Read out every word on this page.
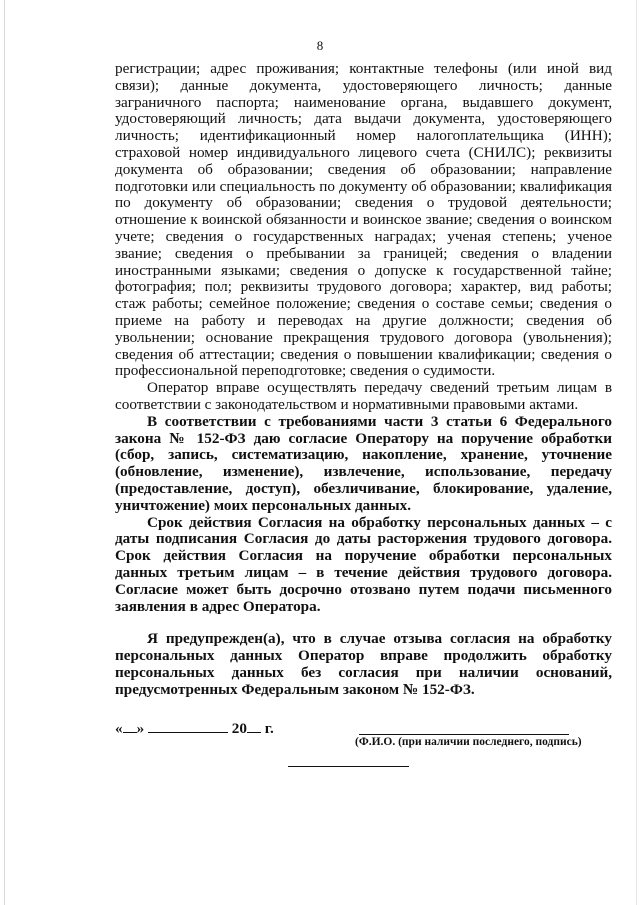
8

регистрации; адрес проживания; контактные телефоны (или иной вид связи); данные документа, удостоверяющего личность; данные заграничного паспорта; наименование органа, выдавшего документ, удостоверяющий личность; дата выдачи документа, удостоверяющего личность; идентификационный номер налогоплательщика (ИНН); страховой номер индивидуального лицевого счета (СНИЛС); реквизиты документа об образовании; сведения об образовании; направление подготовки или специальность по документу об образовании; квалификация по документу об образовании; сведения о трудовой деятельности; отношение к воинской обязанности и воинское звание; сведения о воинском учете; сведения о государственных наградах; ученая степень; ученое звание; сведения о пребывании за границей; сведения о владении иностранными языками; сведения о допуске к государственной тайне; фотография; пол; реквизиты трудового договора; характер, вид работы; стаж работы; семейное положение; сведения о составе семьи; сведения о приеме на работу и переводах на другие должности; сведения об увольнении; основание прекращения трудового договора (увольнения); сведения об аттестации; сведения о повышении квалификации; сведения о профессиональной переподготовке; сведения о судимости.

Оператор вправе осуществлять передачу сведений третьим лицам в соответствии с законодательством и нормативными правовыми актами.

В соответствии с требованиями части 3 статьи 6 Федерального закона № 152-ФЗ даю согласие Оператору на поручение обработки (сбор, запись, систематизацию, накопление, хранение, уточнение (обновление, изменение), извлечение, использование, передачу (предоставление, доступ), обезличивание, блокирование, удаление, уничтожение) моих персональных данных.

Срок действия Согласия на обработку персональных данных – с даты подписания Согласия до даты расторжения трудового договора. Срок действия Согласия на поручение обработки персональных данных третьим лицам – в течение действия трудового договора. Согласие может быть досрочно отозвано путем подачи письменного заявления в адрес Оператора.

Я предупрежден(а), что в случае отзыва согласия на обработку персональных данных Оператор вправе продолжить обработку персональных данных без согласия при наличии оснований, предусмотренных Федеральным законом № 152-ФЗ.

« »	20 г.
(Ф.И.О. (при наличии последнего, подпись)
